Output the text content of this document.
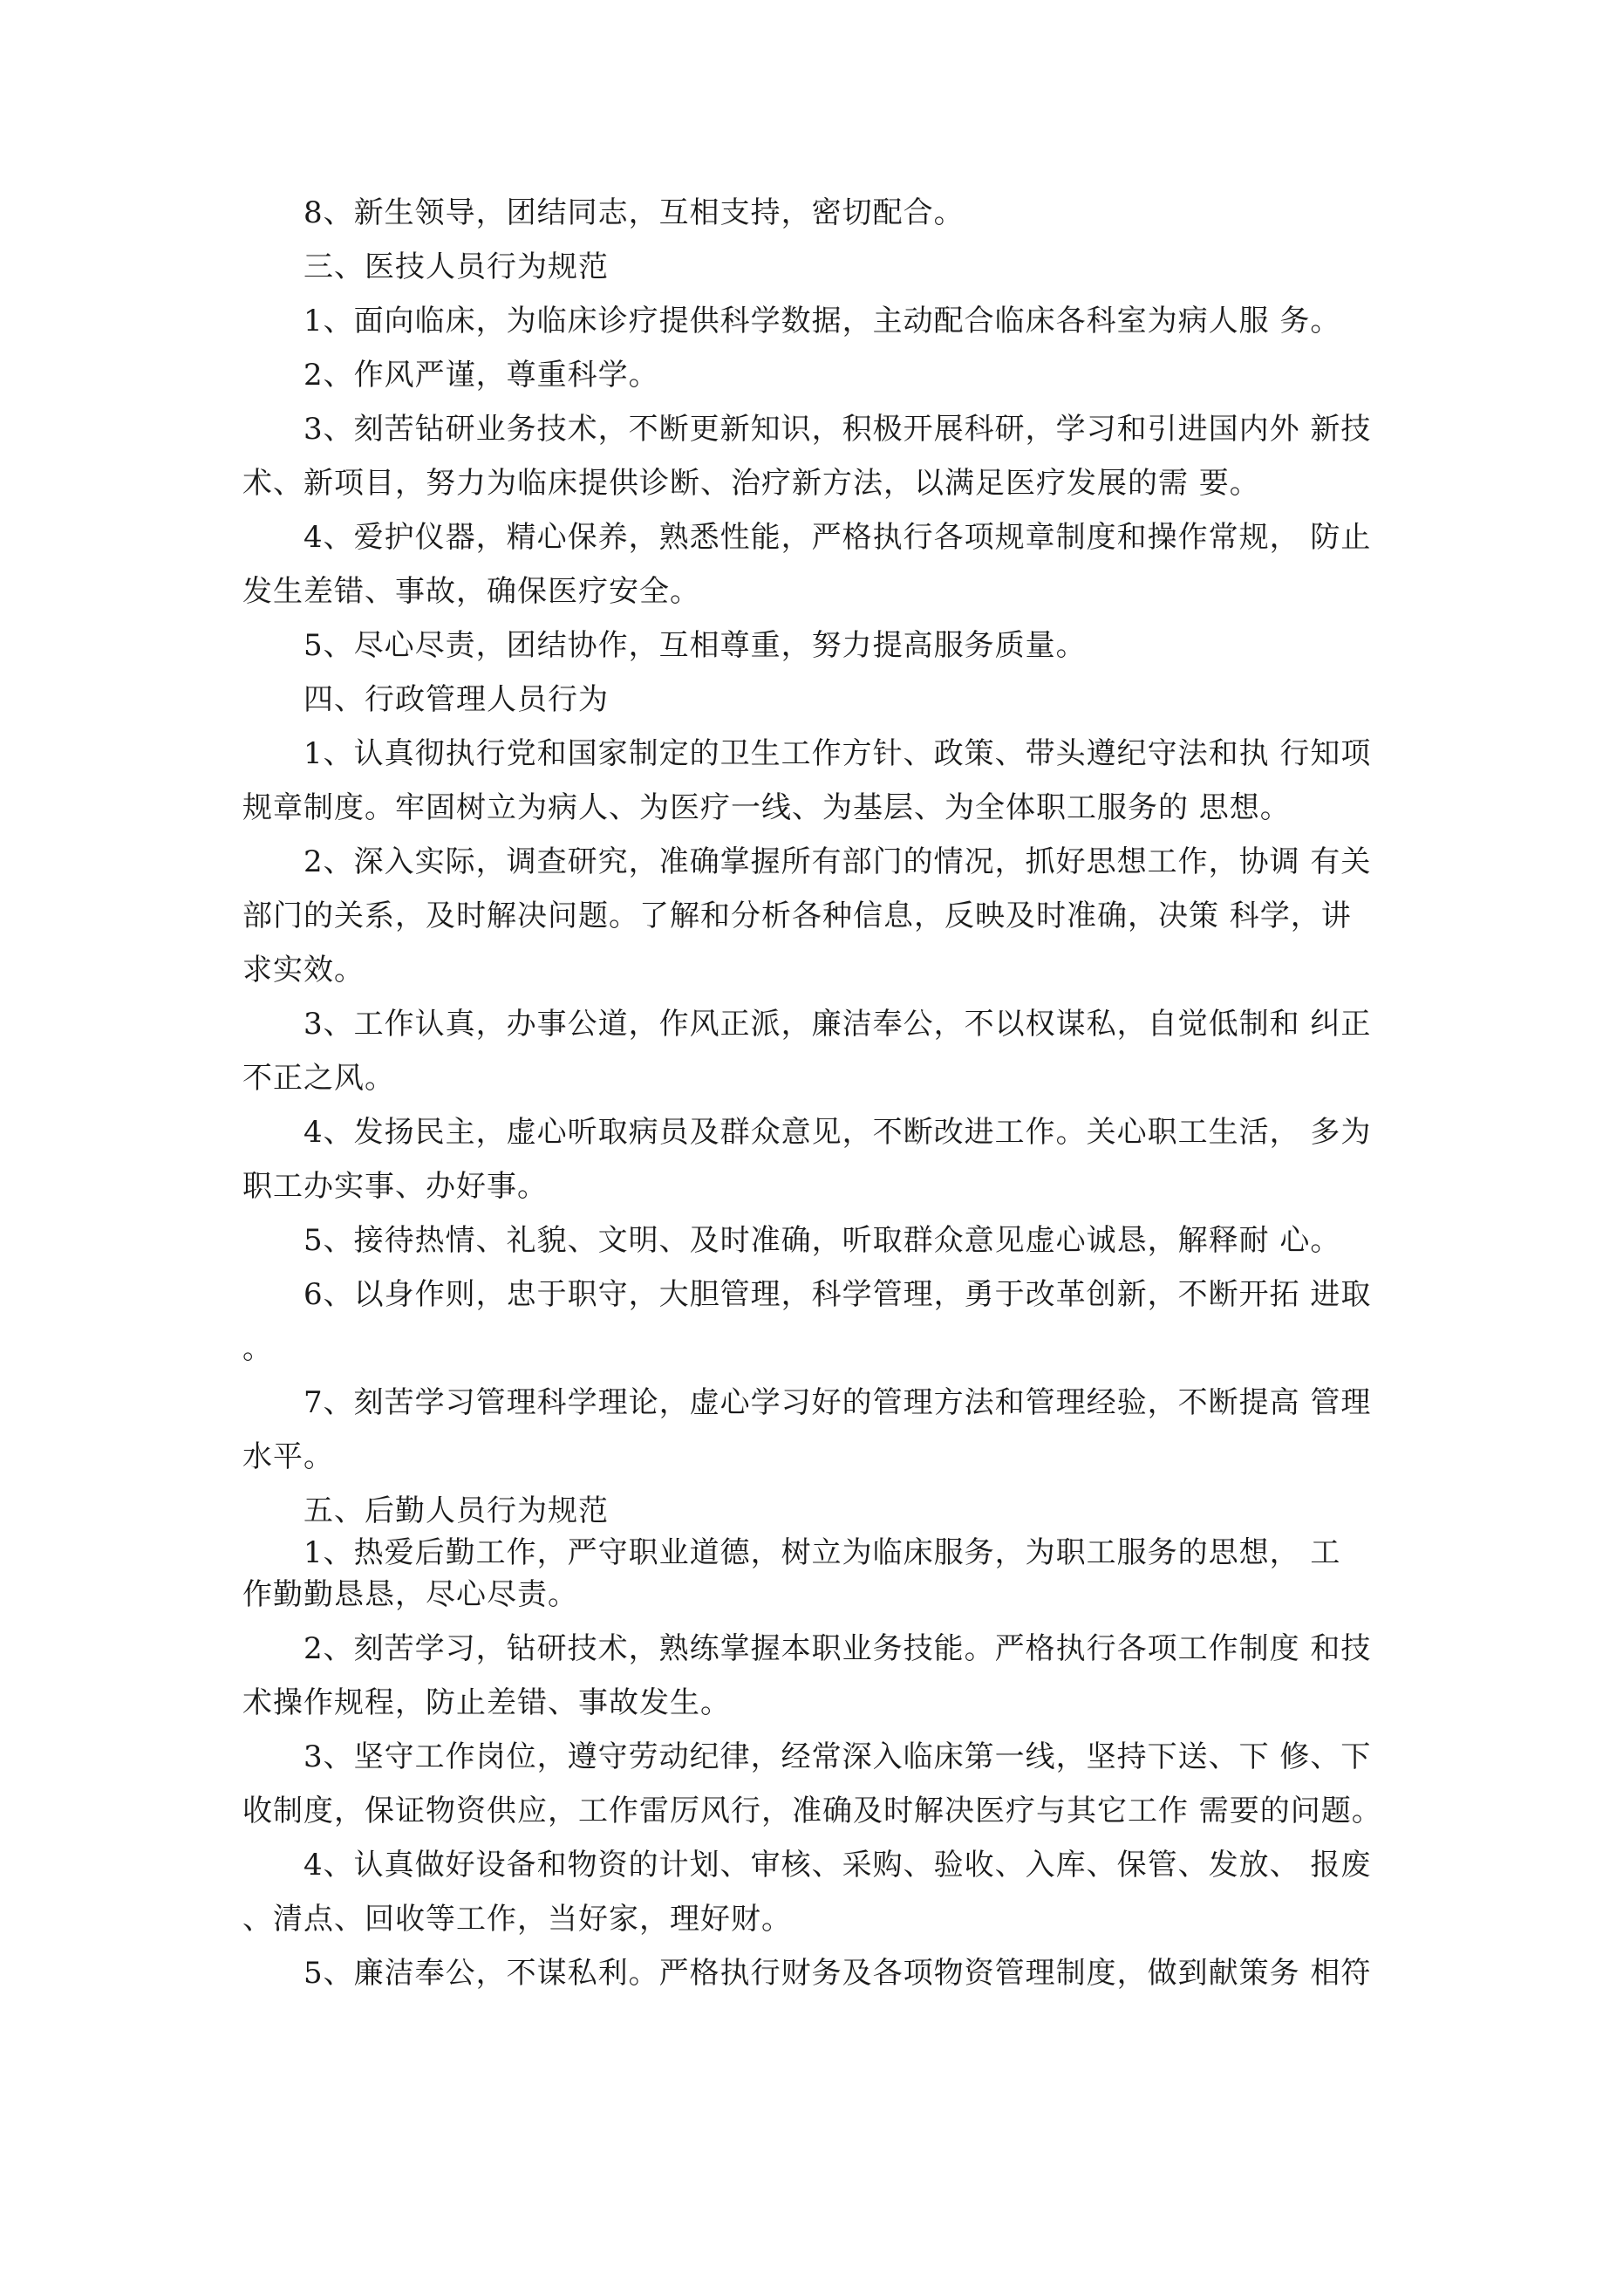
8、新生领导，团结同志，互相支持，密切配合。
三、医技人员行为规范
1、面向临床，为临床诊疗提供科学数据，主动配合临床各科室为病人服 务。
2、作风严谨，尊重科学。
3、刻苦钻研业务技术，不断更新知识，积极开展科研，学习和引进国内外 新技
术、新项目，努力为临床提供诊断、治疗新方法，以满足医疗发展的需 要。
4、爱护仪器，精心保养，熟悉性能，严格执行各项规章制度和操作常规， 防止
发生差错、事故，确保医疗安全。
5、尽心尽责，团结协作，互相尊重，努力提高服务质量。
四、行政管理人员行为
1、认真彻执行党和国家制定的卫生工作方针、政策、带头遵纪守法和执 行知项
规章制度。牢固树立为病人、为医疗一线、为基层、为全体职工服务的 思想。
2、深入实际，调查研究，准确掌握所有部门的情况，抓好思想工作，协调 有关
部门的关系，及时解决问题。了解和分析各种信息，反映及时准确，决策 科学，讲
求实效。
3、工作认真，办事公道，作风正派，廉洁奉公，不以权谋私，自觉低制和 纠正
不正之风。
4、发扬民主，虚心听取病员及群众意见，不断改进工作。关心职工生活， 多为
职工办实事、办好事。
5、接待热情、礼貌、文明、及时准确，听取群众意见虚心诚恳，解释耐 心。
6、以身作则，忠于职守，大胆管理，科学管理，勇于改革创新，不断开拓 进取
。
7、刻苦学习管理科学理论，虚心学习好的管理方法和管理经验，不断提高 管理
水平。
五、后勤人员行为规范
1、热爱后勤工作，严守职业道德，树立为临床服务，为职工服务的思想， 工
作勤勤恳恳，尽心尽责。
2、刻苦学习，钻研技术，熟练掌握本职业务技能。严格执行各项工作制度 和技
术操作规程，防止差错、事故发生。
3、坚守工作岗位，遵守劳动纪律，经常深入临床第一线，坚持下送、下 修、下
收制度，保证物资供应，工作雷厉风行，准确及时解决医疗与其它工作 需要的问题。
4、认真做好设备和物资的计划、审核、采购、验收、入库、保管、发放、 报废
、清点、回收等工作，当好家，理好财。
5、廉洁奉公，不谋私利。严格执行财务及各项物资管理制度，做到献策务 相符
